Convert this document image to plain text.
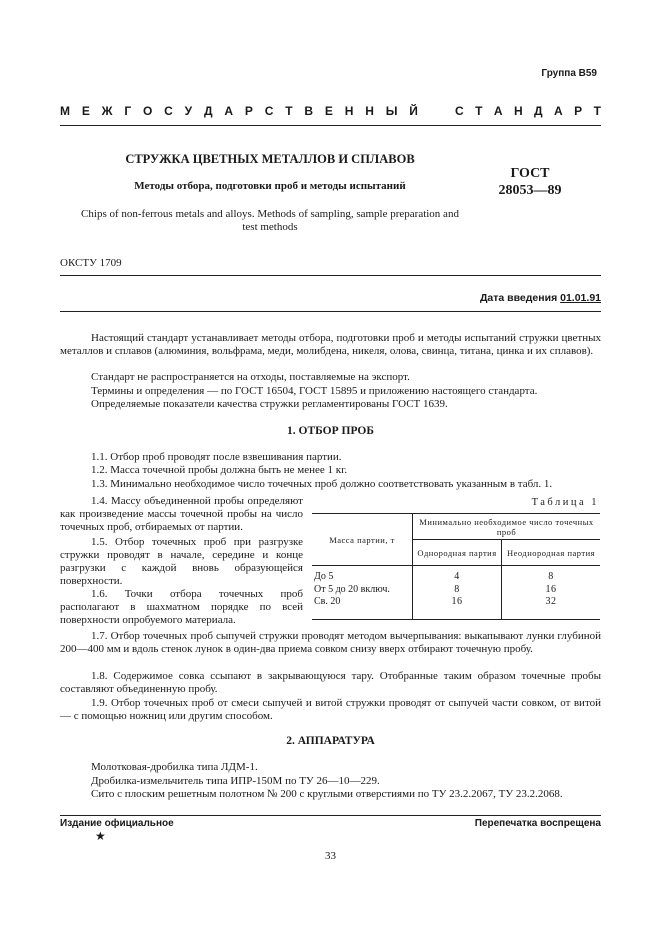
Группа В59
М Е Ж Г О С У Д А Р С Т В Е Н Н Ы Й	С Т А Н Д А Р Т
СТРУЖКА ЦВЕТНЫХ МЕТАЛЛОВ И СПЛАВОВ
Методы отбора, подготовки проб и методы испытаний
Chips of non-ferrous metals and alloys. Methods of sampling, sample preparation and test methods
ГОСТ
28053—89
ОКСТУ 1709
Дата введения 01.01.91
Настоящий стандарт устанавливает методы отбора, подготовки проб и методы испытаний стружки цветных металлов и сплавов (алюминия, вольфрама, меди, молибдена, никеля, олова, свинца, титана, цинка и их сплавов).
Стандарт не распространяется на отходы, поставляемые на экспорт.
Термины и определения — по ГОСТ 16504, ГОСТ 15895 и приложению настоящего стандарта.
Определяемые показатели качества стружки регламентированы ГОСТ 1639.
1. ОТБОР ПРОБ
1.1. Отбор проб проводят после взвешивания партии.
1.2. Масса точечной пробы должна быть не менее 1 кг.
1.3. Минимально необходимое число точечных проб должно соответствовать указанным в табл. 1.
1.4. Массу объединенной пробы определяют как произведение массы точечной пробы на число точечных проб, отбираемых от партии.
1.5. Отбор точечных проб при разгрузке стружки проводят в начале, середине и конце разгрузки с каждой вновь образующейся поверхности.
1.6. Точки отбора точечных проб располагают в шахматном порядке по всей поверхности опробуемого материала.
Таблица 1
Масса партии, т	Минимально необходимое число точечных проб	
	Однородная партия	Неоднородная партия
До 5	4	8
От 5 до 20 включ.	8	16
Св. 20	16	32
1.7. Отбор точечных проб сыпучей стружки проводят методом вычерпывания: выкапывают лунки глубиной 200—400 мм и вдоль стенок лунок в один-два приема совком снизу вверх отбирают точечную пробу.
1.8. Содержимое совка ссыпают в закрывающуюся тару. Отобранные таким образом точечные пробы составляют объединенную пробу.
1.9. Отбор точечных проб от смеси сыпучей и витой стружки проводят от сыпучей части совком, от витой — с помощью ножниц или другим способом.
2. АППАРАТУРА
Молотковая-дробилка типа ЛДМ-1.
Дробилка-измельчитель типа ИПР-150М по ТУ 26—10—229.
Сито с плоским решетным полотном № 200 с круглыми отверстиями по ТУ 23.2.2067, ТУ 23.2.2068.
Издание официальное	Перепечатка воспрещена
★
33
